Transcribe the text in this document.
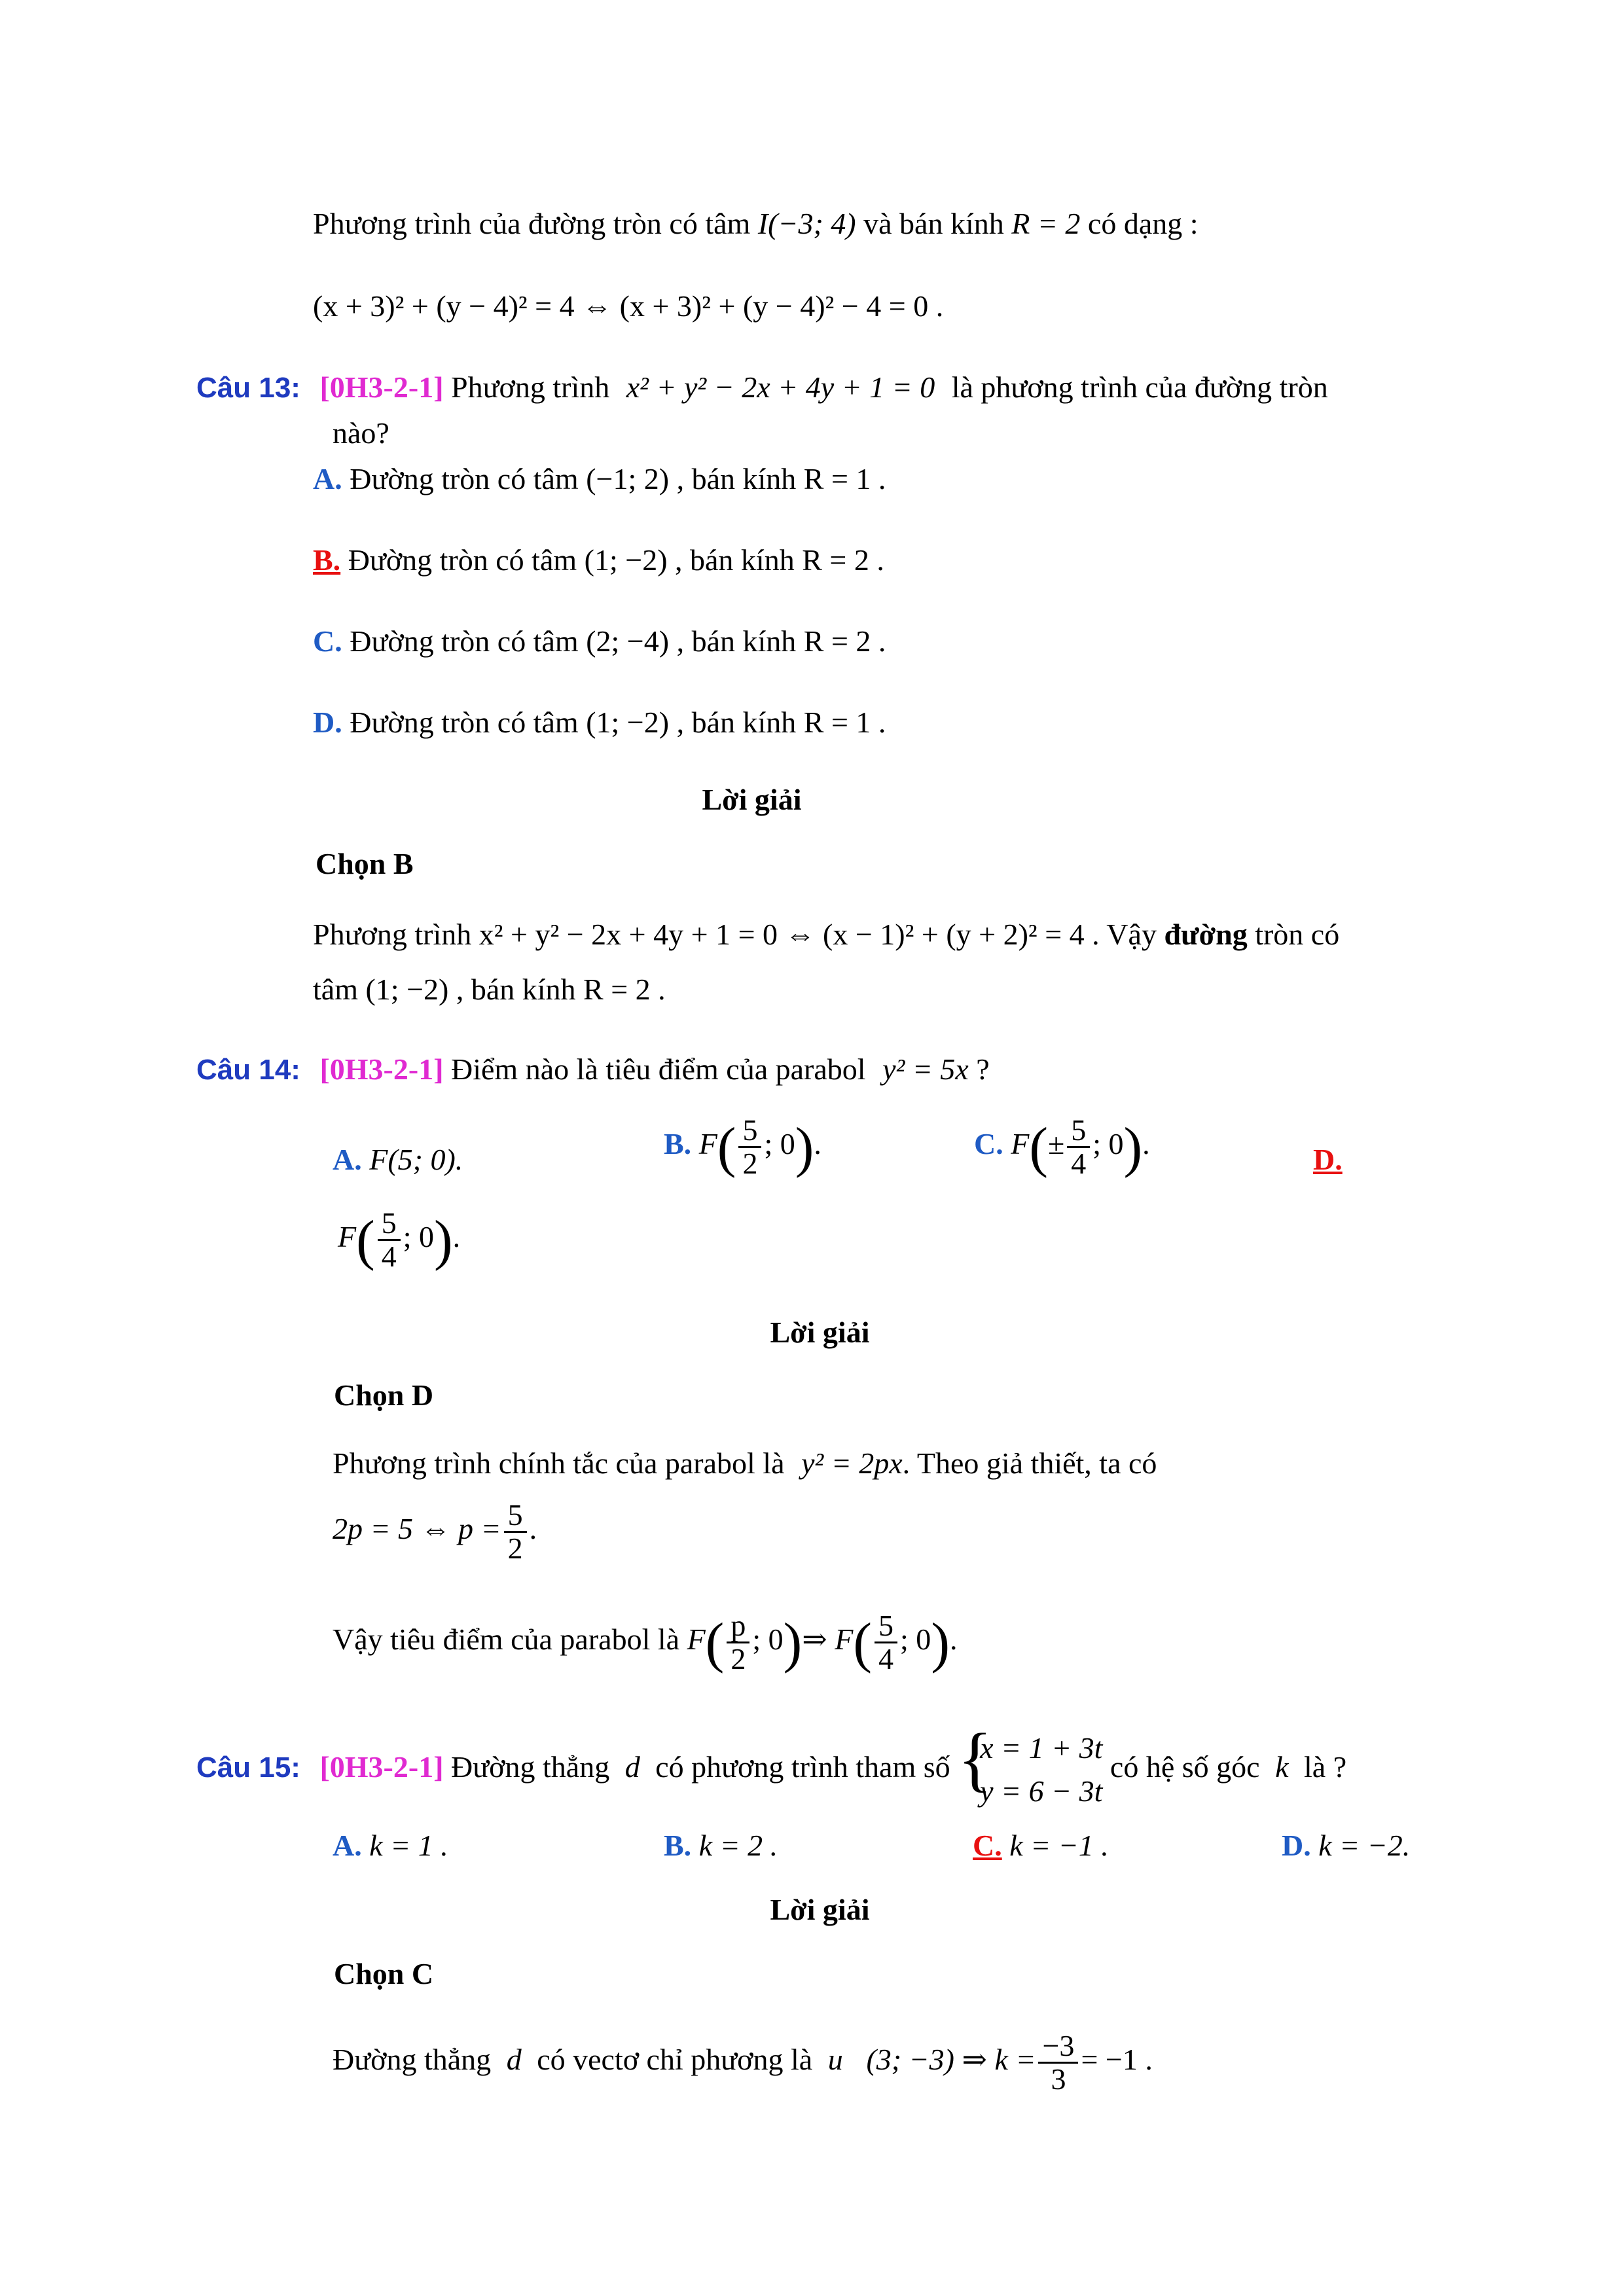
Phương trình của đường tròn có tâm I(−3; 4) và bán kính R = 2 có dạng :
(x + 3)² + (y − 4)² = 4 ⇔ (x + 3)² + (y − 4)² − 4 = 0 .
Câu 13: [0H3-2-1] Phương trình x² + y² − 2x + 4y + 1 = 0 là phương trình của đường tròn
nào?
A. Đường tròn có tâm (−1; 2) , bán kính R = 1 .
B. Đường tròn có tâm (1; −2) , bán kính R = 2 .
C. Đường tròn có tâm (2; −4) , bán kính R = 2 .
D. Đường tròn có tâm (1; −2) , bán kính R = 1 .
Lời giải
Chọn B
Phương trình x² + y² − 2x + 4y + 1 = 0 ⇔ (x − 1)² + (y + 2)² = 4 . Vậy đường tròn có
tâm (1; −2) , bán kính R = 2 .
Câu 14: [0H3-2-1] Điểm nào là tiêu điểm của parabol y² = 5x ?
A. F(5; 0).	B. $F( \frac{5}{2}$ ; 0).	C. $F(\pm \frac{5}{4}$ ; 0).	D.
$F( \frac{5}{4}$ ; 0).
Lời giải
Chọn D
Phương trình chính tắc của parabol là y² = 2px. Theo giả thiết, ta có
2p = 5 ⇔ $p = \frac{5}{2}$ .
Vậy tiêu điểm của parabol là $F( \frac{p}{2}$ ; 0)⇒ $F( \frac{5}{4}$ ; 0).
Câu 15: [0H3-2-1] Đường thẳng d có phương trình tham số {
x = 1 + 3t
y = 6 − 3t
có hệ số góc k là ?
A. k = 1 .	B. k = 2 .	C. k = −1 .	D. k = −2.
Lời giải
Chọn C
Đường thẳng d có vectơ chỉ phương là u⃗(3; −3) ⇒ $k = \frac{-3}{3} = -1$ .
